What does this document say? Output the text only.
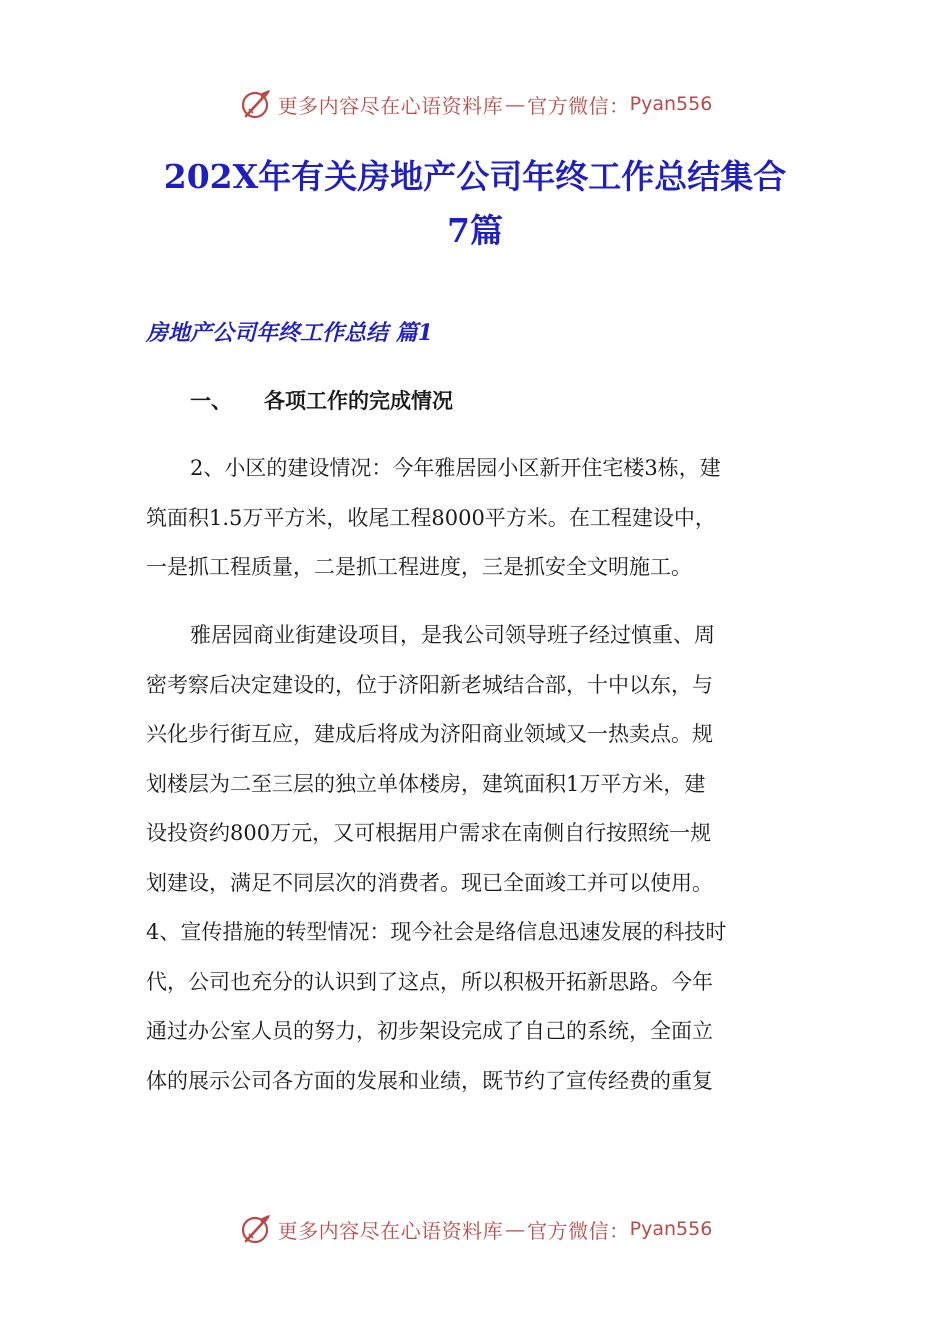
更多内容尽在心语资料库 — 官方微信： Pyan556
202X年有关房地产公司年终工作总结集合
7篇
房地产公司年终工作总结 篇1
一、 各项工作的完成情况
2、小区的建设情况：今年雅居园小区新开住宅楼3栋，建
筑面积1.5万平方米，收尾工程8000平方米。在工程建设中，
一是抓工程质量，二是抓工程进度，三是抓安全文明施工。
雅居园商业街建设项目，是我公司领导班子经过慎重、周
密考察后决定建设的，位于济阳新老城结合部，十中以东，与
兴化步行街互应，建成后将成为济阳商业领域又一热卖点。规
划楼层为二至三层的独立单体楼房，建筑面积1万平方米，建
设投资约800万元，又可根据用户需求在南侧自行按照统一规
划建设，满足不同层次的消费者。现已全面竣工并可以使用。
4、宣传措施的转型情况：现今社会是络信息迅速发展的科技时
代，公司也充分的认识到了这点，所以积极开拓新思路。今年
通过办公室人员的努力，初步架设完成了自己的系统，全面立
体的展示公司各方面的发展和业绩，既节约了宣传经费的重复
更多内容尽在心语资料库 — 官方微信： Pyan556
